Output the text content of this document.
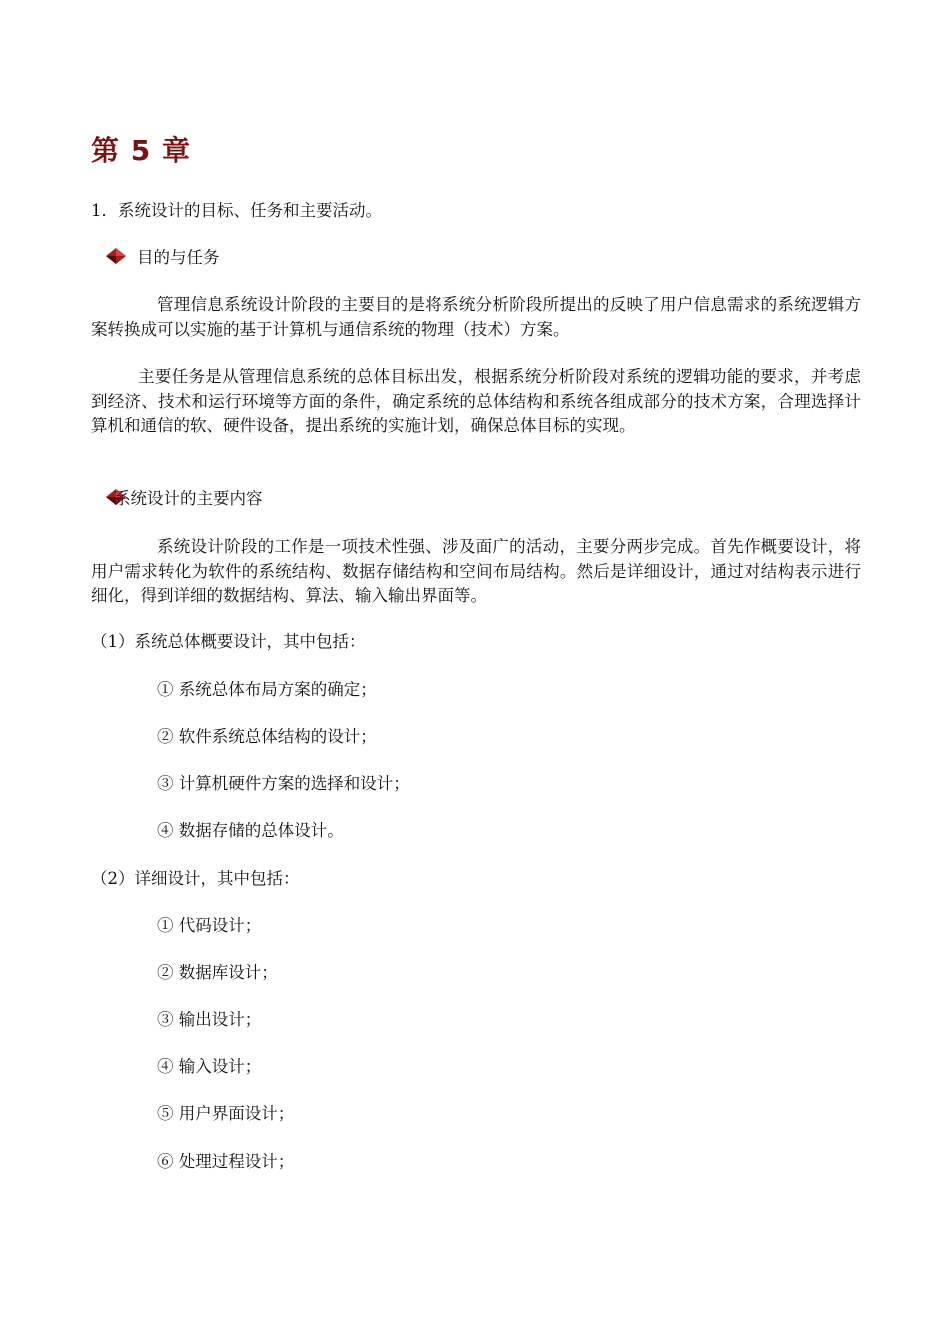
第 5 章

1．系统设计的目标、任务和主要活动。

目的与任务

管理信息系统设计阶段的主要目的是将系统分析阶段所提出的反映了用户信息需求的系统逻辑方案转换成可以实施的基于计算机与通信系统的物理（技术）方案。

主要任务是从管理信息系统的总体目标出发，根据系统分析阶段对系统的逻辑功能的要求，并考虑到经济、技术和运行环境等方面的条件，确定系统的总体结构和系统各组成部分的技术方案，合理选择计算机和通信的软、硬件设备，提出系统的实施计划，确保总体目标的实现。

系统设计的主要内容

系统设计阶段的工作是一项技术性强、涉及面广的活动，主要分两步完成。首先作概要设计，将用户需求转化为软件的系统结构、数据存储结构和空间布局结构。然后是详细设计，通过对结构表示进行细化，得到详细的数据结构、算法、输入输出界面等。

（1）系统总体概要设计，其中包括：

① 系统总体布局方案的确定；

② 软件系统总体结构的设计；

③ 计算机硬件方案的选择和设计；

④ 数据存储的总体设计。

（2）详细设计，其中包括：

① 代码设计；

② 数据库设计；

③ 输出设计；

④ 输入设计；

⑤ 用户界面设计；

⑥ 处理过程设计；
